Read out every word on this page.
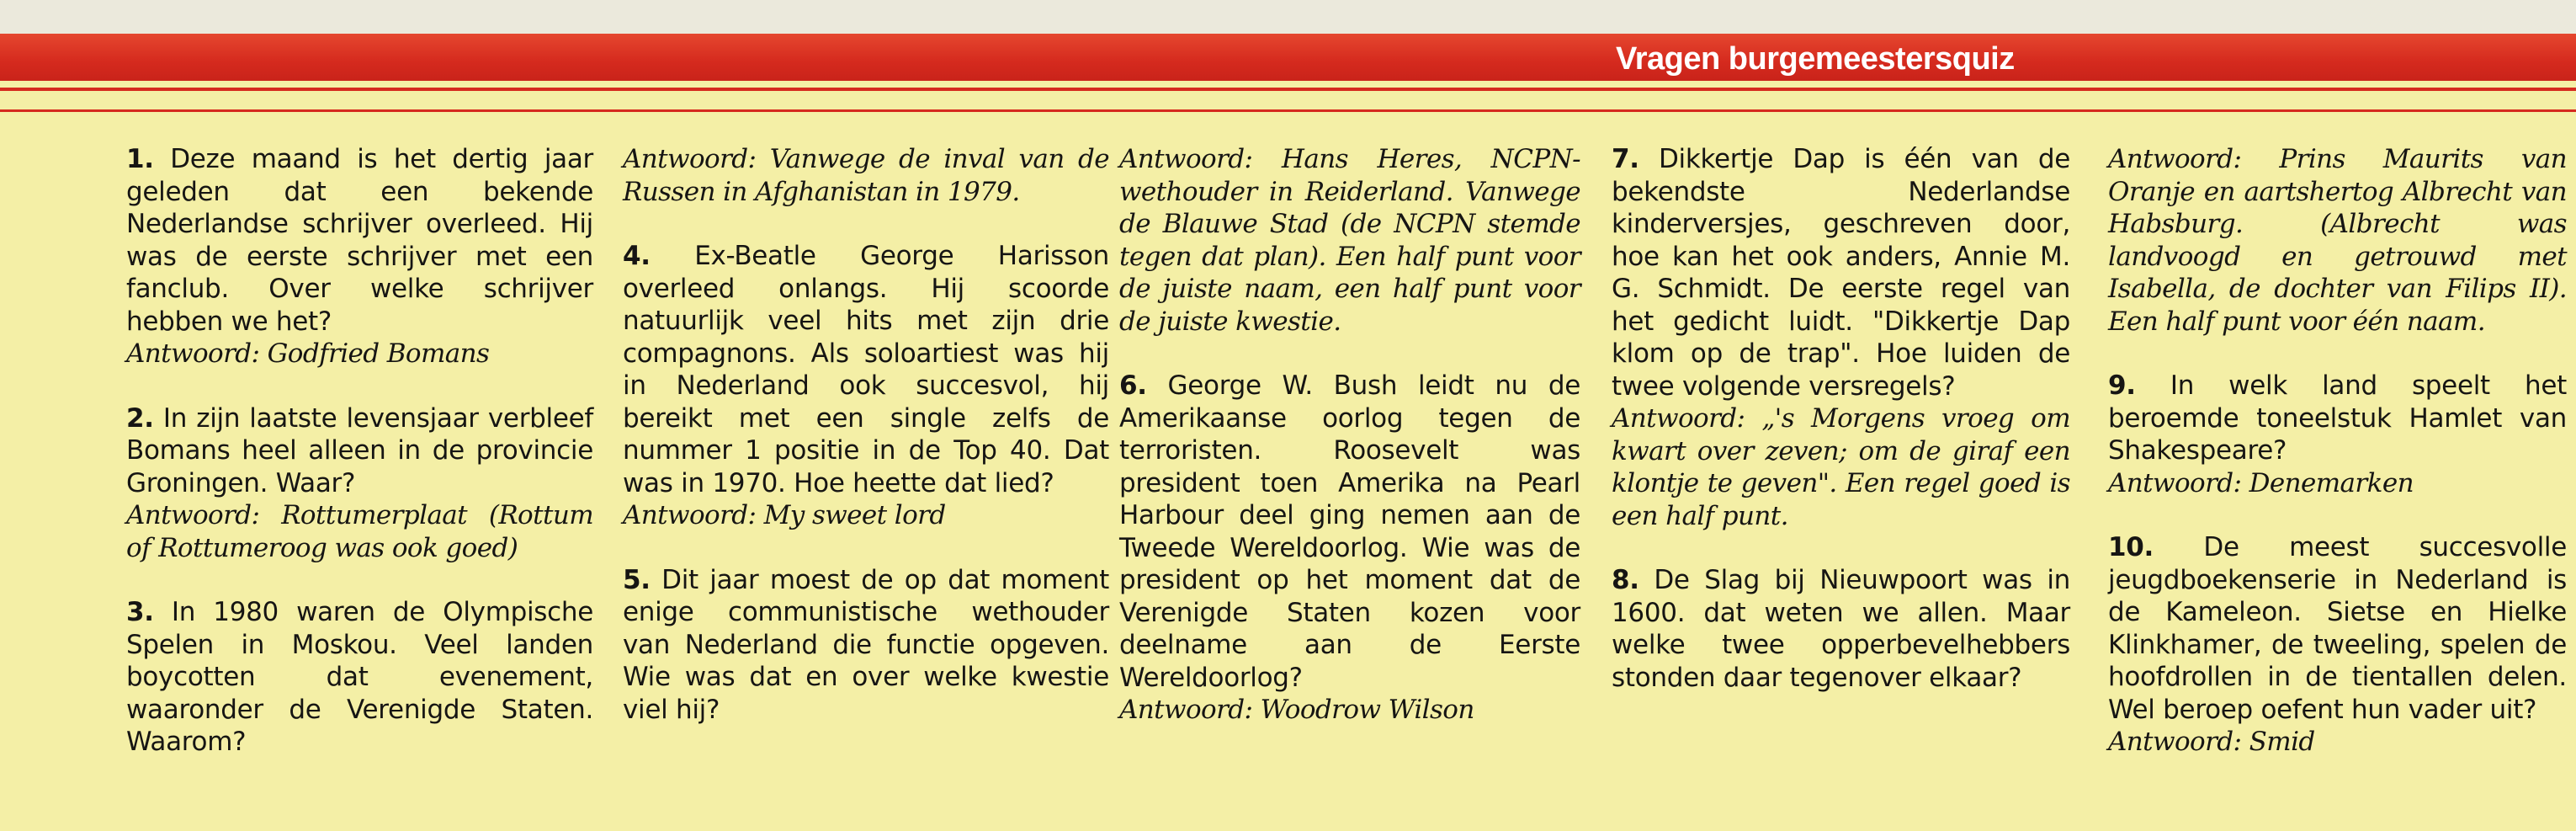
Vragen burgemeestersquiz

1. Deze maand is het dertig jaar geleden dat een bekende Nederlandse schrijver overleed. Hij was de eerste schrijver met een fanclub. Over welke schrijver hebben we het?
Antwoord: Godfried Bomans

2. In zijn laatste levensjaar verbleef Bomans heel alleen in de provincie Groningen. Waar?
Antwoord: Rottumerplaat (Rottum of Rottumeroog was ook goed)

3. In 1980 waren de Olympische Spelen in Moskou. Veel landen boycotten dat evenement, waaronder de Verenigde Staten. Waarom?

Antwoord: Vanwege de inval van de Russen in Afghanistan in 1979.

4. Ex-Beatle George Harisson overleed onlangs. Hij scoorde natuurlijk veel hits met zijn drie compagnons. Als soloartiest was hij in Nederland ook succesvol, hij bereikt met een single zelfs de nummer 1 positie in de Top 40. Dat was in 1970. Hoe heette dat lied?
Antwoord: My sweet lord

5. Dit jaar moest de op dat moment enige communistische wethouder van Nederland die functie opgeven. Wie was dat en over welke kwestie viel hij?

Antwoord: Hans Heres, NCPN-wethouder in Reiderland. Vanwege de Blauwe Stad (de NCPN stemde tegen dat plan). Een half punt voor de juiste naam, een half punt voor de juiste kwestie.

6. George W. Bush leidt nu de Amerikaanse oorlog tegen de terroristen. Roosevelt was president toen Amerika na Pearl Harbour deel ging nemen aan de Tweede Wereldoorlog. Wie was de president op het moment dat de Verenigde Staten kozen voor deelname aan de Eerste Wereldoorlog?
Antwoord: Woodrow Wilson

7. Dikkertje Dap is één van de bekendste Nederlandse kinderversjes, geschreven door, hoe kan het ook anders, Annie M. G. Schmidt. De eerste regel van het gedicht luidt. "Dikkertje Dap klom op de trap". Hoe luiden de twee volgende versregels?
Antwoord: „'s Morgens vroeg om kwart over zeven; om de giraf een klontje te geven". Een regel goed is een half punt.

8. De Slag bij Nieuwpoort was in 1600. dat weten we allen. Maar welke twee opperbevelhebbers stonden daar tegenover elkaar?

Antwoord: Prins Maurits van Oranje en aartshertog Albrecht van Habsburg. (Albrecht was landvoogd en getrouwd met Isabella, de dochter van Filips II). Een half punt voor één naam.

9. In welk land speelt het beroemde toneelstuk Hamlet van Shakespeare?
Antwoord: Denemarken

10. De meest succesvolle jeugdboekenserie in Nederland is de Kameleon. Sietse en Hielke Klinkhamer, de tweeling, spelen de hoofdrollen in de tientallen delen. Wel beroep oefent hun vader uit?
Antwoord: Smid
